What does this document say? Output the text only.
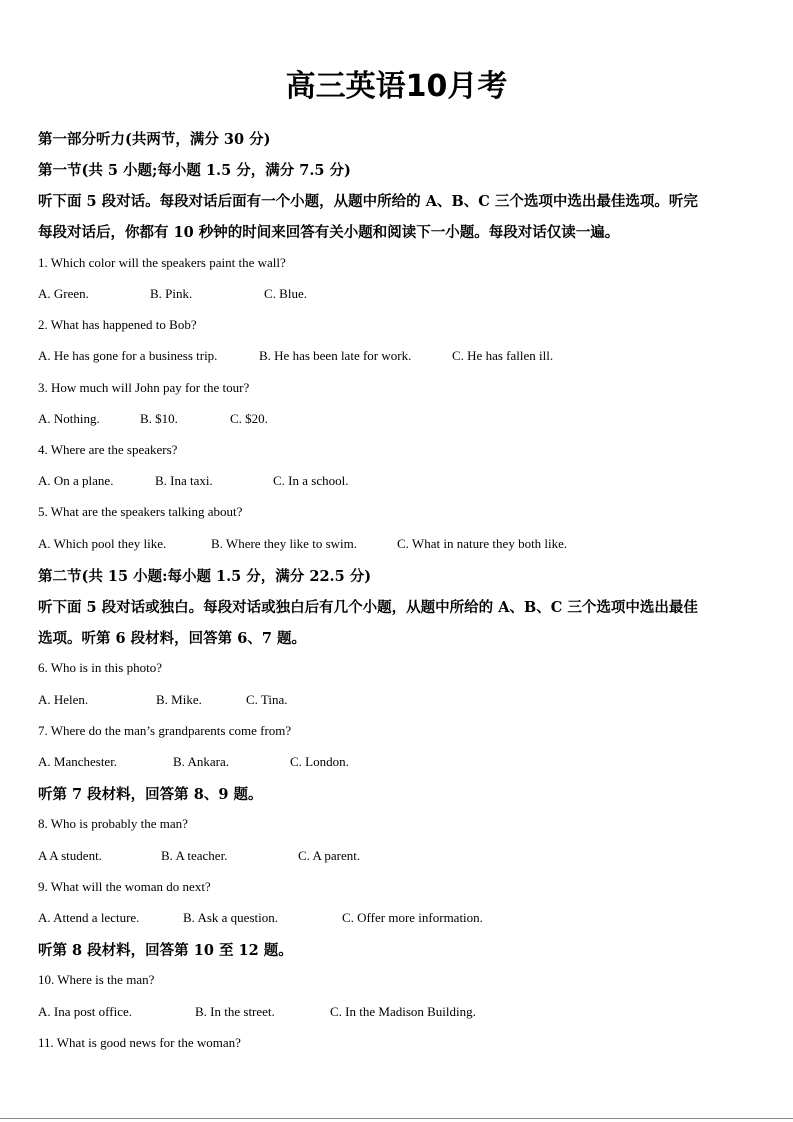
高三英语10月考
第一部分听力(共两节，满分 30 分)
第一节(共 5 小题;每小题 1.5 分，满分 7.5 分)
听下面 5 段对话。每段对话后面有一个小题，从题中所给的 A、B、C 三个选项中选出最佳选项。听完
每段对话后，你都有 10 秒钟的时间来回答有关小题和阅读下一小题。每段对话仅读一遍。
1. Which color will the speakers paint the wall?
A. Green.	B. Pink.	C. Blue.
2. What has happened to Bob?
A. He has gone for a business trip.	B. He has been late for work.	C. He has fallen ill.
3. How much will John pay for the tour?
A. Nothing.	B. $10.	C. $20.
4. Where are the speakers?
A. On a plane.	B. Ina taxi.	C. In a school.
5. What are the speakers talking about?
A. Which pool they like.	B. Where they like to swim.	C. What in nature they both like.
第二节(共 15 小题:每小题 1.5 分，满分 22.5 分)
听下面 5 段对话或独白。每段对话或独白后有几个小题，从题中所给的 A、B、C 三个选项中选出最佳
选项。听第 6 段材料，回答第 6、7 题。
6. Who is in this photo?
A. Helen.	B. Mike.	C. Tina.
7. Where do the man’s grandparents come from?
A. Manchester.	B. Ankara.	C. London.
听第 7 段材料，回答第 8、9 题。
8. Who is probably the man?
A A student.	B. A teacher.	C. A parent.
9. What will the woman do next?
A. Attend a lecture.	B. Ask a question.	C. Offer more information.
听第 8 段材料，回答第 10 至 12 题。
10. Where is the man?
A. Ina post office.	B. In the street.	C. In the Madison Building.
11. What is good news for the woman?
